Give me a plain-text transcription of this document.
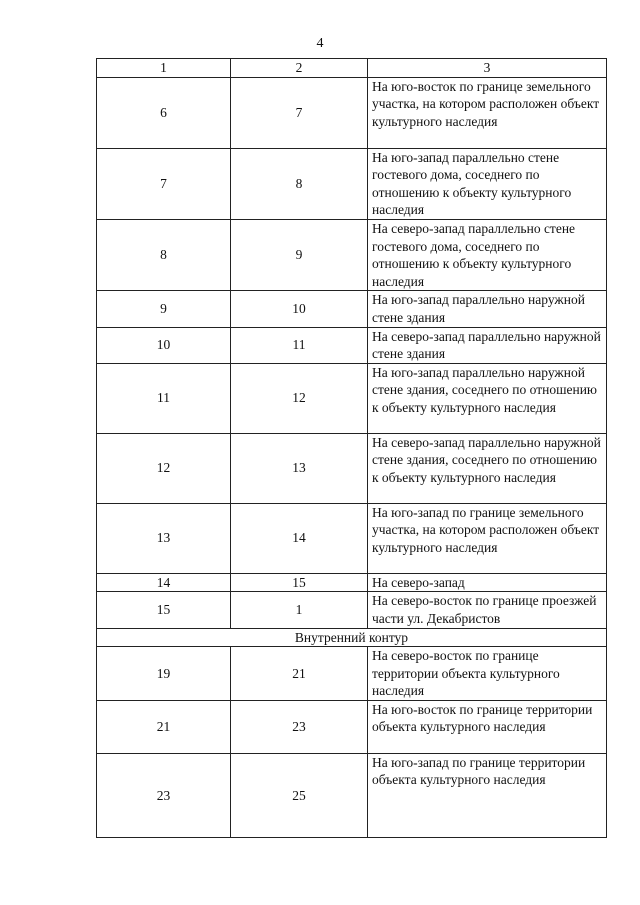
4
1	2	3
6	7	На юго-восток по границе земельного участка, на котором расположен объект культурного наследия
7	8	На юго-запад параллельно стене гостевого дома, соседнего по отношению к объекту культурного наследия
8	9	На северо-запад параллельно стене гостевого дома, соседнего по отношению к объекту культурного наследия
9	10	На юго-запад параллельно наружной стене здания
10	11	На северо-запад параллельно наружной стене здания
11	12	На юго-запад параллельно наружной стене здания, соседнего по отношению к объекту культурного наследия
12	13	На северо-запад параллельно наружной стене здания, соседнего по отношению к объекту культурного наследия
13	14	На юго-запад по границе земельного участка, на котором расположен объект культурного наследия
14	15	На северо-запад
15	1	На северо-восток по границе проезжей части ул. Декабристов
Внутренний контур		
19	21	На северо-восток по границе территории объекта культурного наследия
21	23	На юго-восток по границе территории объекта культурного наследия
23	25	На юго-запад по границе территории объекта культурного наследия
